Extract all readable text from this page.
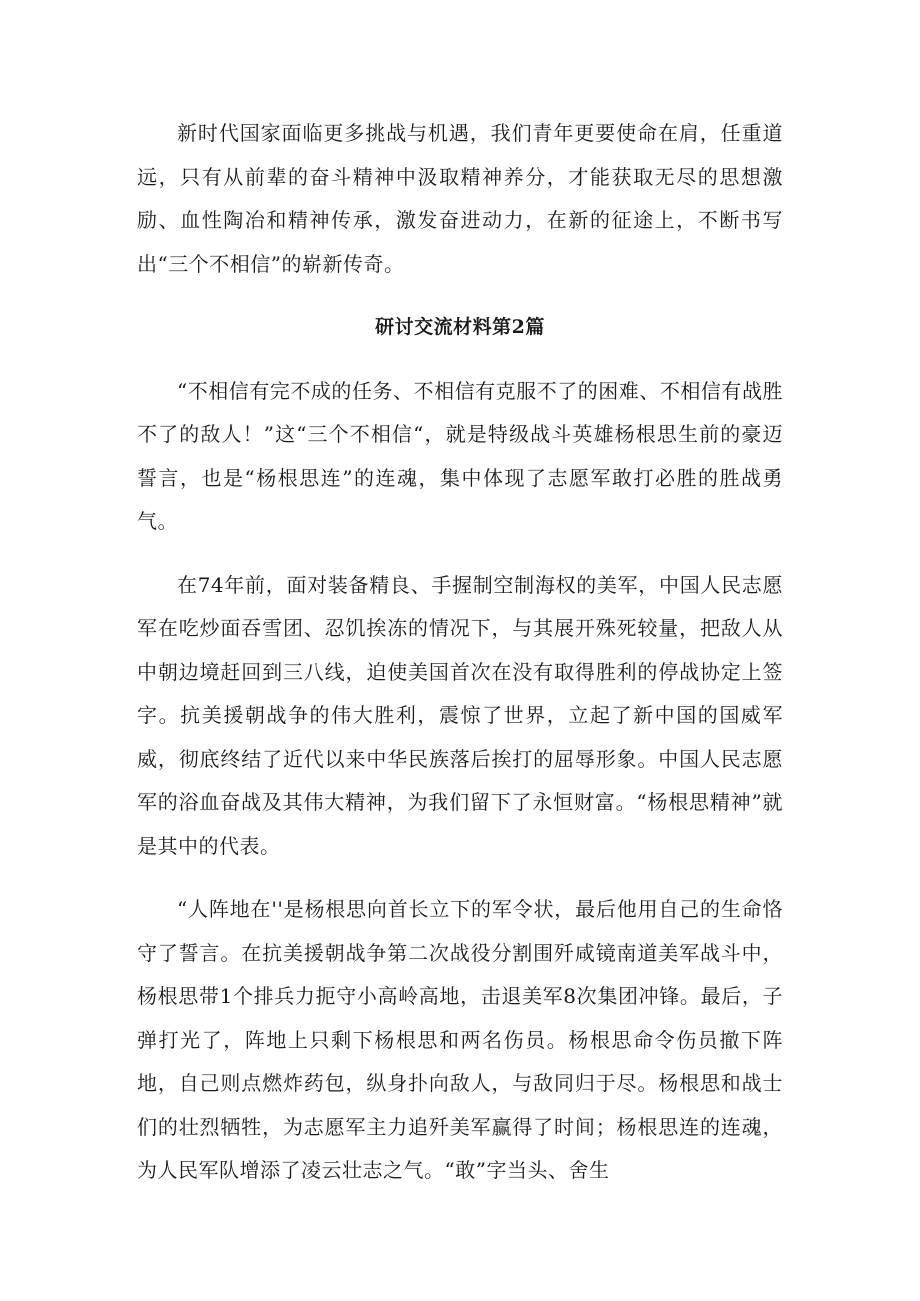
新时代国家面临更多挑战与机遇，我们青年更要使命在肩，任重道远，只有从前辈的奋斗精神中汲取精神养分，才能获取无尽的思想激励、血性陶冶和精神传承，激发奋进动力，在新的征途上，不断书写出“三个不相信”的崭新传奇。

研讨交流材料第2篇

“不相信有完不成的任务、不相信有克服不了的困难、不相信有战胜不了的敌人！”这“三个不相信“，就是特级战斗英雄杨根思生前的豪迈誓言，也是“杨根思连”的连魂，集中体现了志愿军敢打必胜的胜战勇气。

在74年前，面对装备精良、手握制空制海权的美军，中国人民志愿军在吃炒面吞雪团、忍饥挨冻的情况下，与其展开殊死较量，把敌人从中朝边境赶回到三八线，迫使美国首次在没有取得胜利的停战协定上签字。抗美援朝战争的伟大胜利，震惊了世界，立起了新中国的国威军威，彻底终结了近代以来中华民族落后挨打的屈辱形象。中国人民志愿军的浴血奋战及其伟大精神，为我们留下了永恒财富。“杨根思精神”就是其中的代表。

“人阵地在''是杨根思向首长立下的军令状，最后他用自己的生命恪守了誓言。在抗美援朝战争第二次战役分割围歼咸镜南道美军战斗中，杨根思带1个排兵力扼守小高岭高地，击退美军8次集团冲锋。最后，子弹打光了，阵地上只剩下杨根思和两名伤员。杨根思命令伤员撤下阵地，自己则点燃炸药包，纵身扑向敌人，与敌同归于尽。杨根思和战士们的壮烈牺牲，为志愿军主力追歼美军赢得了时间；杨根思连的连魂，为人民军队增添了凌云壮志之气。“敢”字当头、舍生
